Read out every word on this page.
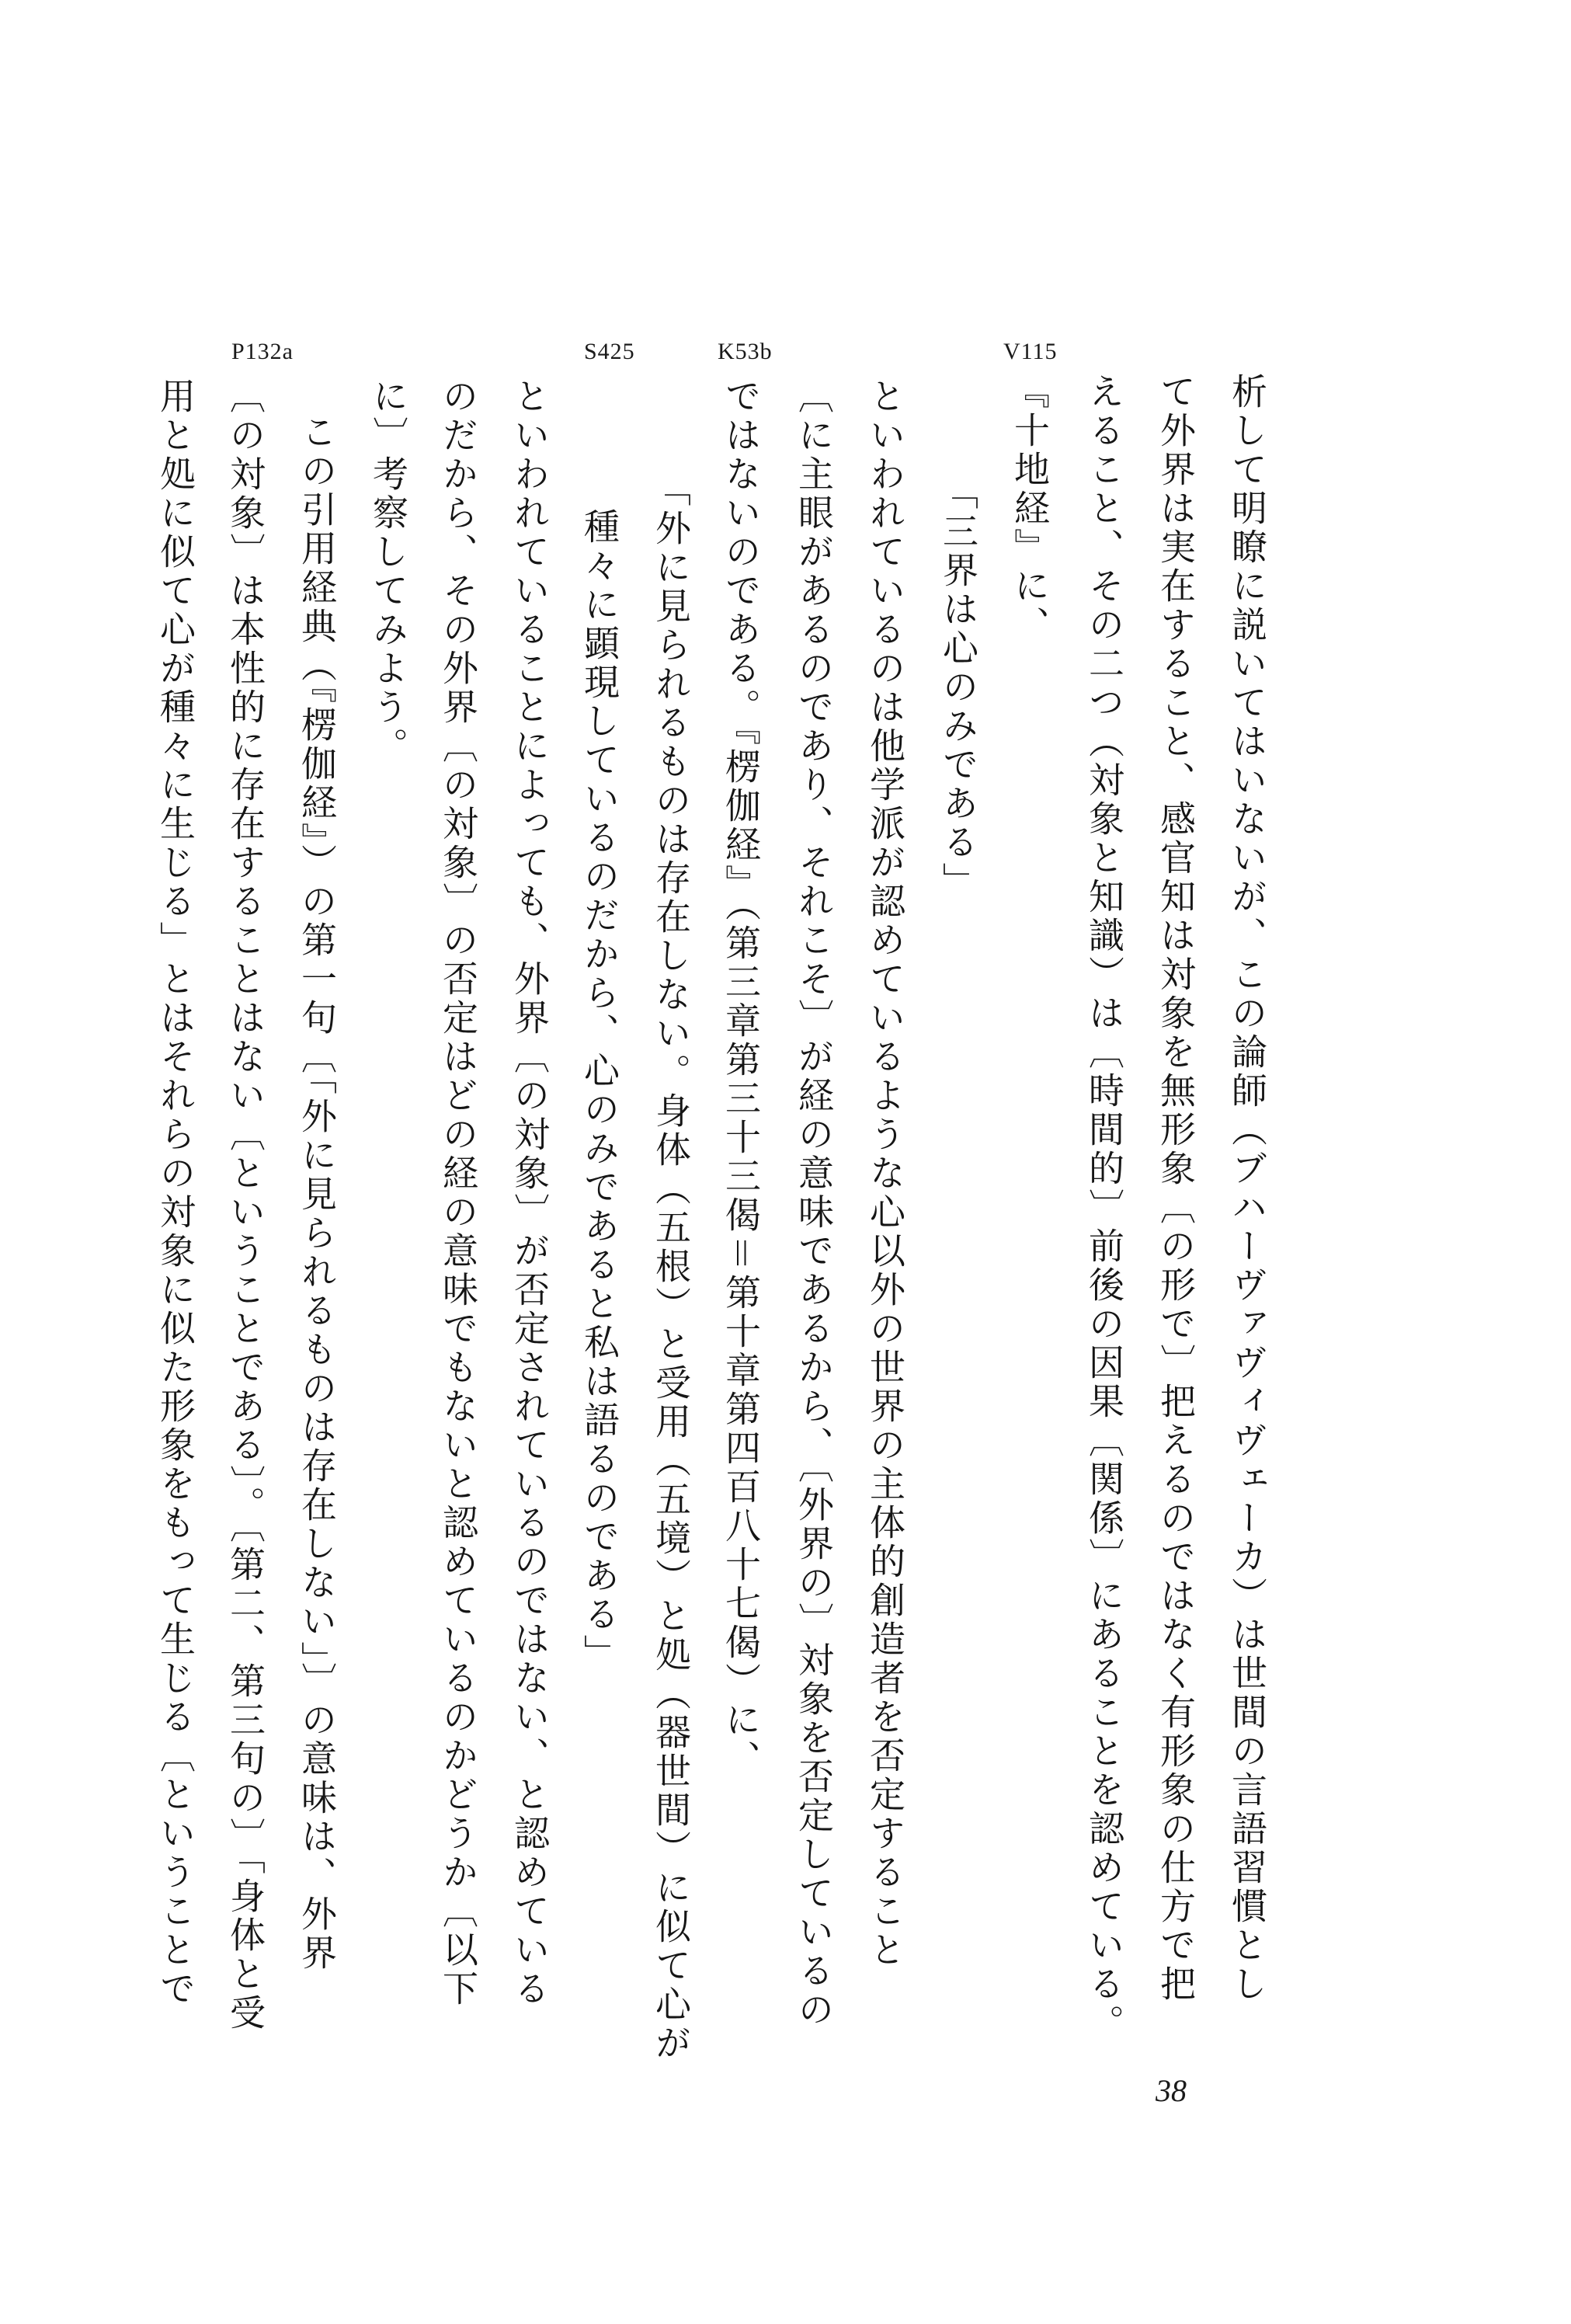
V115
K53b
S425
P132a
析して明瞭に説いてはいないが、この論師（ブハーヴァヴィヴェーカ）は世間の言語習慣とし
て外界は実在すること、感官知は対象を無形象〔の形で〕把えるのではなく有形象の仕方で把
えること、その二つ（対象と知識）は〔時間的〕前後の因果〔関係〕にあることを認めている。
『十地経』に、
「三界は心のみである」
といわれているのは他学派が認めているような心以外の世界の主体的創造者を否定すること
〔に主眼があるのであり、それこそ〕が経の意味であるから、〔外界の〕対象を否定しているの
ではないのである。『楞伽経』（第三章第三十三偈＝第十章第四百八十七偈）に、
「外に見られるものは存在しない。身体（五根）と受用（五境）と処（器世間）に似て心が
種々に顕現しているのだから、心のみであると私は語るのである」
といわれていることによっても、外界〔の対象〕が否定されているのではない、と認めている
のだから、その外界〔の対象〕の否定はどの経の意味でもないと認めているのかどうか〔以下
に〕考察してみよう。
この引用経典（『楞伽経』）の第一句〔「外に見られるものは存在しない」〕の意味は、外界
〔の対象〕は本性的に存在することはない〔ということである〕。〔第二、第三句の〕「身体と受
用と処に似て心が種々に生じる」とはそれらの対象に似た形象をもって生じる〔ということで
38
